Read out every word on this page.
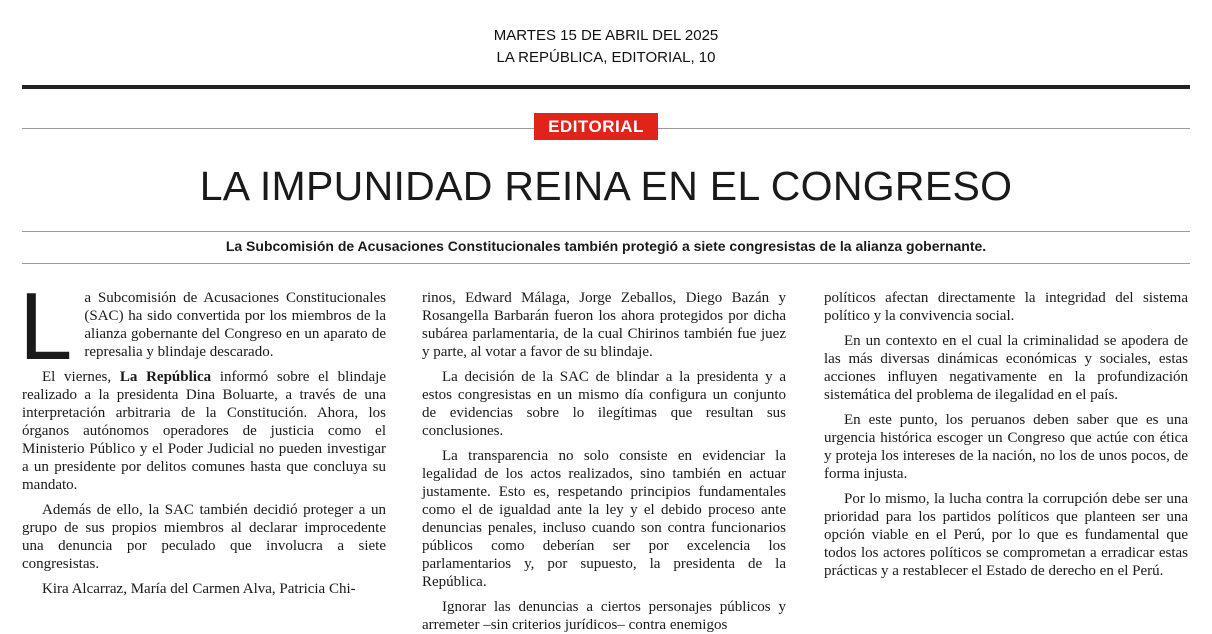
MARTES 15 DE ABRIL DEL 2025
LA REPÚBLICA, EDITORIAL, 10
EDITORIAL
LA IMPUNIDAD REINA EN EL CONGRESO
La Subcomisión de Acusaciones Constitucionales también protegió a siete congresistas de la alianza gobernante.

La Subcomisión de Acusaciones Constitucionales (SAC) ha sido convertida por los miembros de la alianza gobernante del Congreso en un aparato de represalia y blindaje descarado.

El viernes, La República informó sobre el blindaje realizado a la presidenta Dina Boluarte, a través de una interpretación arbitraria de la Constitución. Ahora, los órganos autónomos operadores de justicia como el Ministerio Público y el Poder Judicial no pueden investigar a un presidente por delitos comunes hasta que concluya su mandato.

Además de ello, la SAC también decidió proteger a un grupo de sus propios miembros al declarar improcedente una denuncia por peculado que involucra a siete congresistas.

Kira Alcarraz, María del Carmen Alva, Patricia Chi-

rinos, Edward Málaga, Jorge Zeballos, Diego Bazán y Rosangella Barbarán fueron los ahora protegidos por dicha subárea parlamentaria, de la cual Chirinos también fue juez y parte, al votar a favor de su blindaje.

La decisión de la SAC de blindar a la presidenta y a estos congresistas en un mismo día configura un conjunto de evidencias sobre lo ilegítimas que resultan sus conclusiones.

La transparencia no solo consiste en evidenciar la legalidad de los actos realizados, sino también en actuar justamente. Esto es, respetando principios fundamentales como el de igualdad ante la ley y el debido proceso ante denuncias penales, incluso cuando son contra funcionarios públicos como deberían ser por excelencia los parlamentarios y, por supuesto, la presidenta de la República.

Ignorar las denuncias a ciertos personajes públicos y arremeter –sin criterios jurídicos– contra enemigos

políticos afectan directamente la integridad del sistema político y la convivencia social.

En un contexto en el cual la criminalidad se apodera de las más diversas dinámicas económicas y sociales, estas acciones influyen negativamente en la profundización sistemática del problema de ilegalidad en el país.

En este punto, los peruanos deben saber que es una urgencia histórica escoger un Congreso que actúe con ética y proteja los intereses de la nación, no los de unos pocos, de forma injusta.

Por lo mismo, la lucha contra la corrupción debe ser una prioridad para los partidos políticos que planteen ser una opción viable en el Perú, por lo que es fundamental que todos los actores políticos se comprometan a erradicar estas prácticas y a restablecer el Estado de derecho en el Perú.
